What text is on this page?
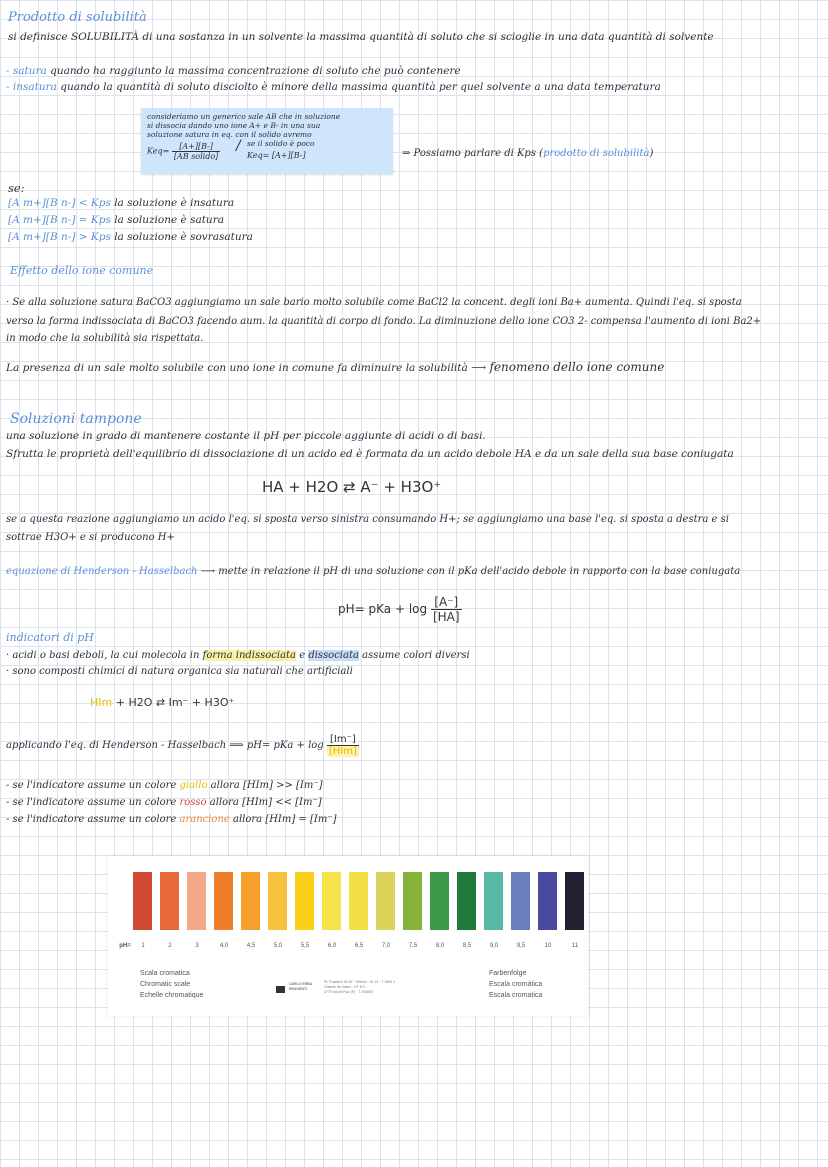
Prodotto di solubilità
si definisce SOLUBILITÀ di una sostanza in un solvente la massima quantità di soluto che si scioglie in una data quantità di solvente
- satura quando ha raggiunto la massima concentrazione di soluto che può contenere
- insatura quando la quantità di soluto disciolto è minore della massima quantità per quel solvente a una data temperatura
consideriamo un generico sale AB che in soluzione
si dissocia dando uno ione A+ e B- in una sua
soluzione satura in eq. con il solido avremo
$Keq= \frac{[A+][B-]}{\text{[AB solido]}}$ / se il solido è poco
Keq= [A+][B-]	⇒ Possiamo parlare di Kps (prodotto di solubilità)
se:
[A m+][B n-] < Kps la soluzione è insatura
[A m+][B n-] = Kps la soluzione è satura
[A m+][B n-] > Kps la soluzione è sovrasatura
Effetto dello ione comune
· Se alla soluzione satura BaCO3 aggiungiamo un sale bario molto solubile come BaCl2 la concent. degli ioni Ba+ aumenta. Quindi l'eq. si sposta
verso la forma indissociata di BaCO3 facendo aum. la quantità di corpo di fondo. La diminuzione dello ione CO3 2- compensa l'aumento di ioni Ba2+
in modo che la solubilità sia rispettata.
La presenza di un sale molto solubile con uno ione in comune fa diminuire la solubilità ⟶ fenomeno dello ione comune
Soluzioni tampone
una soluzione in grado di mantenere costante il pH per piccole aggiunte di acidi o di basi.
Sfrutta le proprietà dell'equilibrio di dissociazione di un acido ed è formata da un acido debole HA e da un sale della sua base coniugata
HA + H2O ⇄ A⁻ + H3O⁺
se a questa reazione aggiungiamo un acido l'eq. si sposta verso sinistra consumando H+; se aggiungiamo una base l'eq. si sposta a destra e si
sottrae H3O+ e si producono H+
equazione di Henderson - Hasselbach ⟶ mette in relazione il pH di una soluzione con il pKa dell'acido debole in rapporto con la base coniugata
pH= pKa + $\log \frac{[A^-]}{[HA]}$
indicatori di pH
· acidi o basi deboli, la cui molecola in forma indissociata e dissociata assume colori diversi
· sono composti chimici di natura organica sia naturali che artificiali
HIm + H2O ⇄ Im⁻ + H3O⁺
applicando l'eq. di Henderson - Hasselbach ⟹ pH= pKa + $\log \frac{[Im^-]}{\text{[HIm]}}$
- se l'indicatore assume un colore giallo allora [HIm] >> [Im⁻]
- se l'indicatore assume un colore rosso allora [HIm] << [Im⁻]
- se l'indicatore assume un colore arancione allora [HIm] = [Im⁻]
pH=
Scala cromatica
Chromatic scale
Echelle chromatique
CARLO ERBA REAGENTI
St. Postfach 64 87 · Telefon · W 12 · T 1653 1
Chemin du Valon · 4 F 8 9
3770 Val de Ruz (F) · T 200603
Farbenfolge
Escala cromática
Escala cromatica
1	2	3	4,0	4,5	5,0	5,5	6,0	6,5	7,0	7,5	8,0	8,5	9,0	9,5	10	11
